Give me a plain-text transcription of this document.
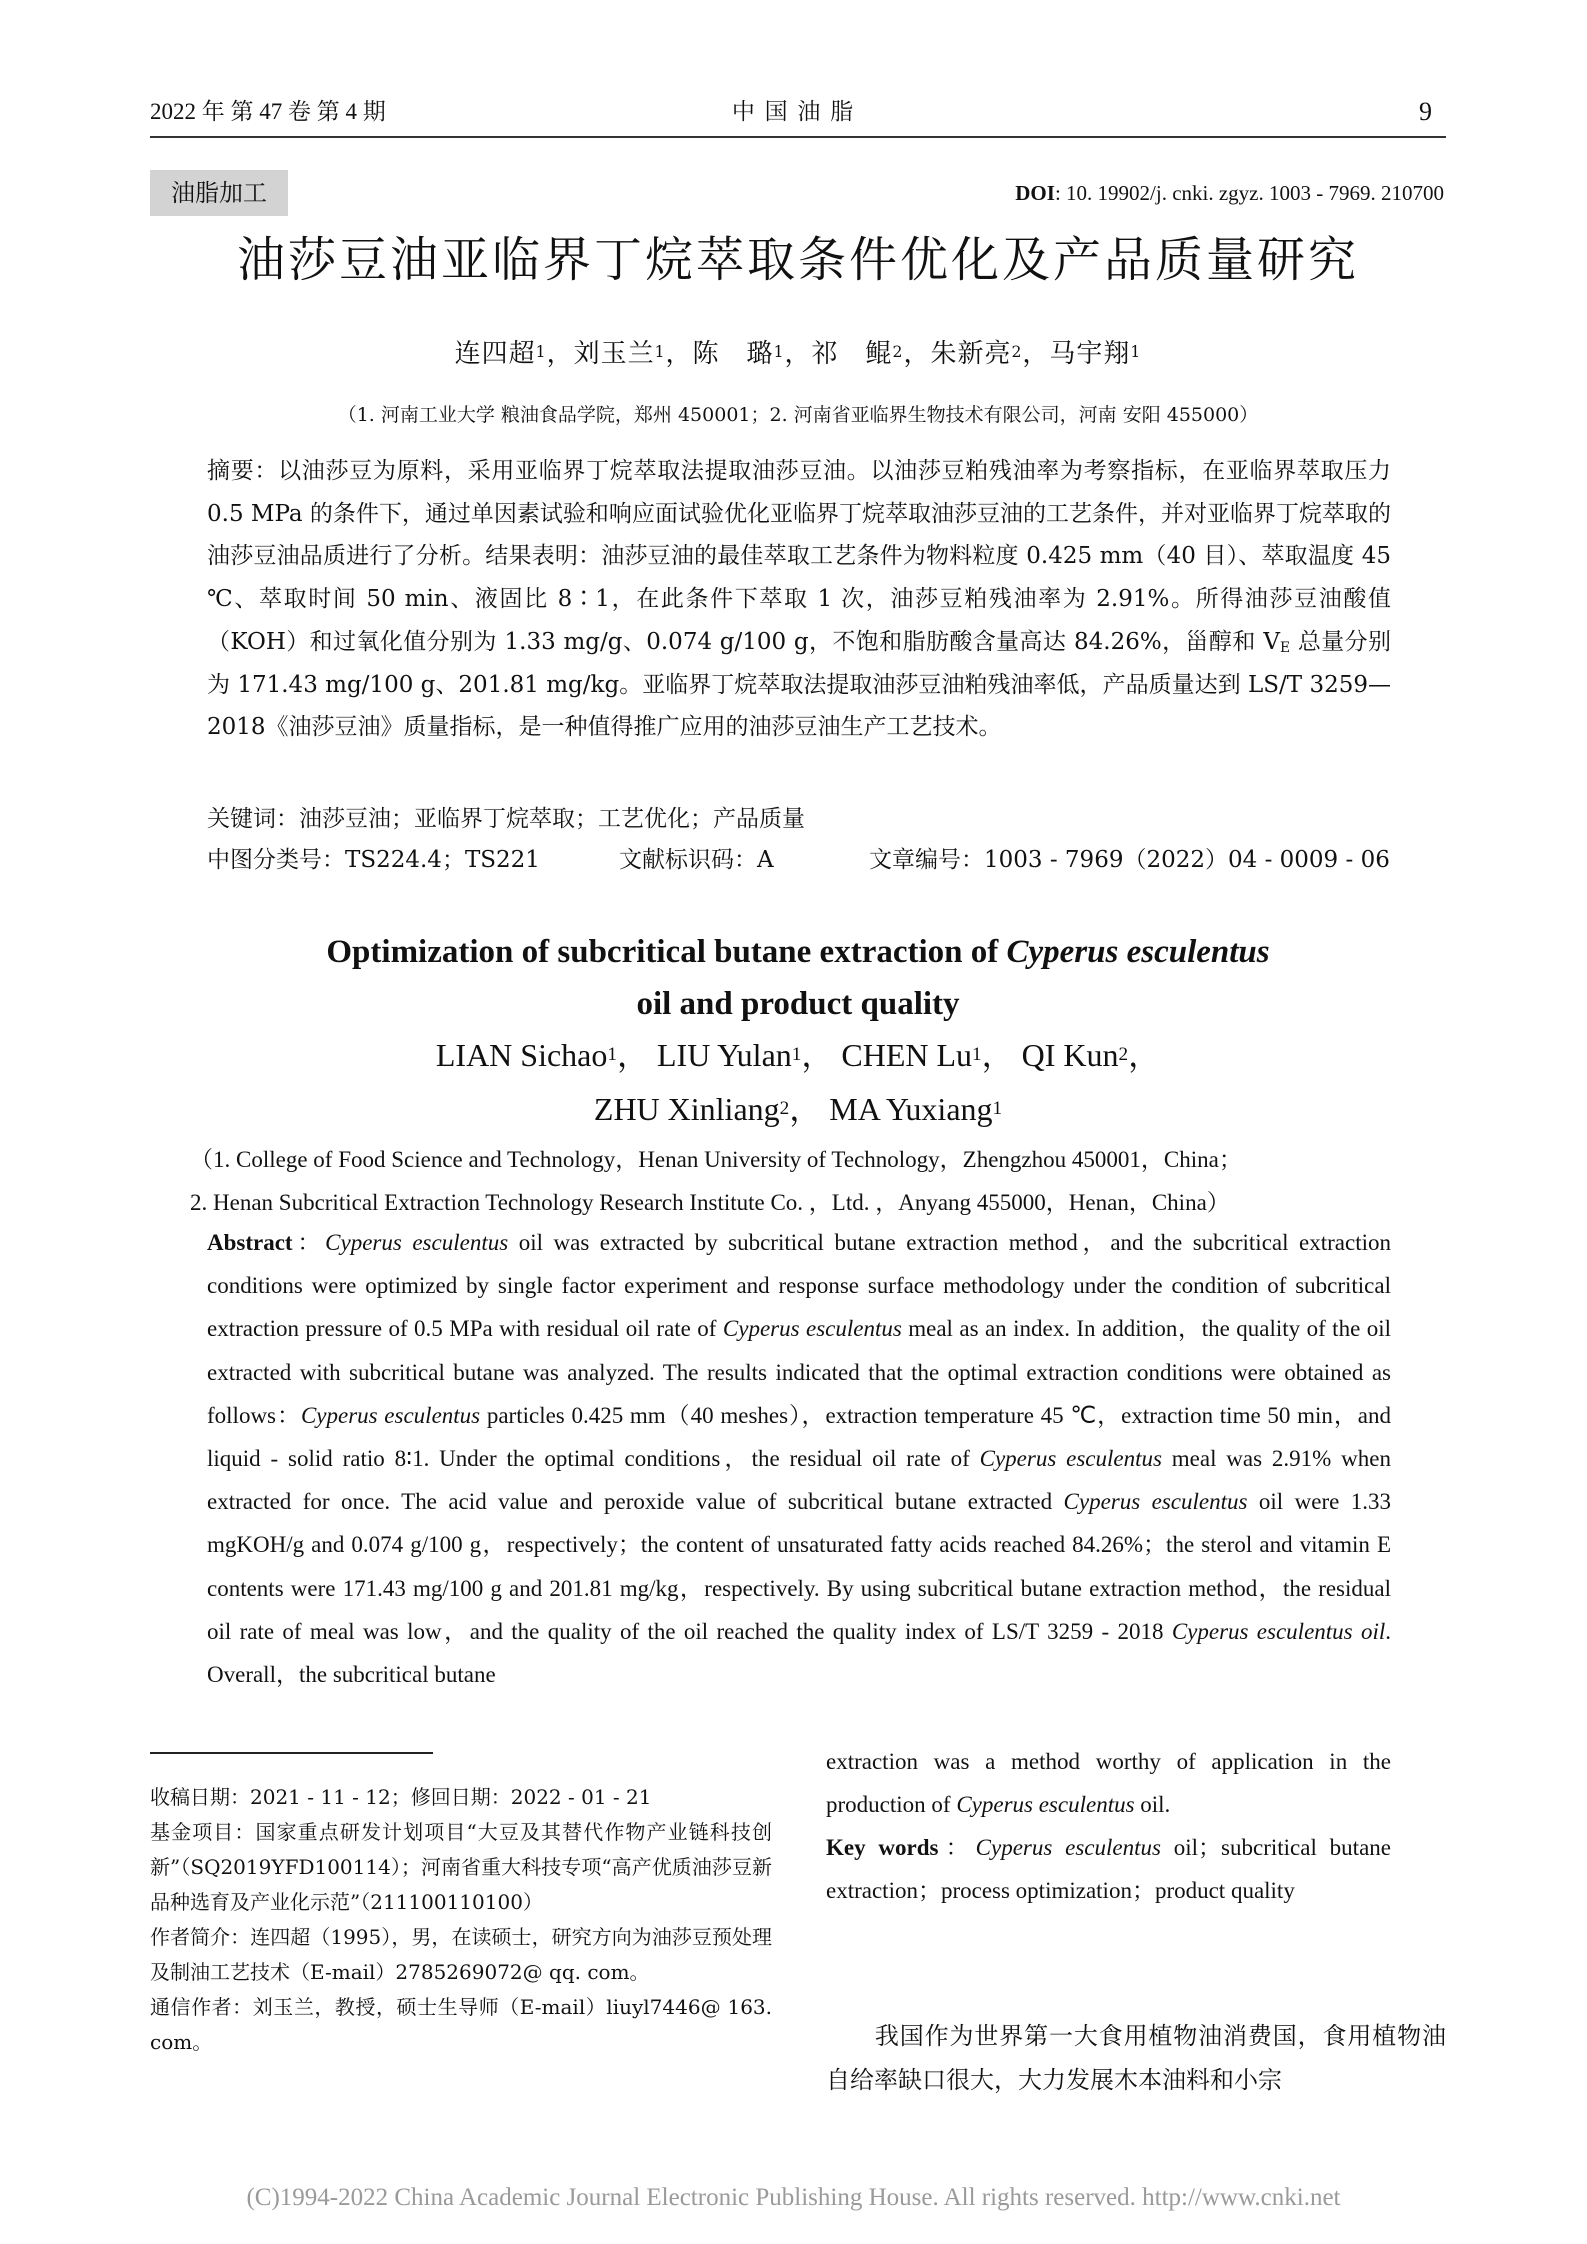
2022 年 第 47 卷 第 4 期	中 国 油 脂	9
油脂加工	DOI: 10. 19902/j. cnki. zgyz. 1003 - 7969. 210700
油莎豆油亚临界丁烷萃取条件优化及产品质量研究
连四超$^1$，刘玉兰$^1$，陈　璐$^1$，祁　鲲$^2$，朱新亮$^2$，马宇翔$^1$
（1. 河南工业大学 粮油食品学院，郑州 450001；2. 河南省亚临界生物技术有限公司，河南 安阳 455000）
摘要：以油莎豆为原料，采用亚临界丁烷萃取法提取油莎豆油。以油莎豆粕残油率为考察指标，在亚临界萃取压力 0.5 MPa 的条件下，通过单因素试验和响应面试验优化亚临界丁烷萃取油莎豆油的工艺条件，并对亚临界丁烷萃取的油莎豆油品质进行了分析。结果表明：油莎豆油的最佳萃取工艺条件为物料粒度 0.425 mm（40 目）、萃取温度 45 ℃、萃取时间 50 min、液固比 8∶1，在此条件下萃取 1 次，油莎豆粕残油率为 2.91%。所得油莎豆油酸值（KOH）和过氧化值分别为 1.33 mg/g、0.074 g/100 g，不饱和脂肪酸含量高达 84.26%，甾醇和 $V_E$ 总量分别为 171.43 mg/100 g、201.81 mg/kg。亚临界丁烷萃取法提取油莎豆油粕残油率低，产品质量达到 LS/T 3259—2018《油莎豆油》质量指标，是一种值得推广应用的油莎豆油生产工艺技术。
关键词：油莎豆油；亚临界丁烷萃取；工艺优化；产品质量
中图分类号：TS224.4；TS221	文献标识码：A	文章编号：1003 - 7969（2022）04 - 0009 - 06
Optimization of subcritical butane extraction of Cyperus esculentus
oil and product quality
LIAN Sichao$^1$， LIU Yulan$^1$， CHEN Lu$^1$， QI Kun$^2$，
ZHU Xinliang$^2$， MA Yuxiang$^1$
（1. College of Food Science and Technology，Henan University of Technology，Zhengzhou 450001，China；
2. Henan Subcritical Extraction Technology Research Institute Co. ，Ltd. ，Anyang 455000，Henan，China）
Abstract：Cyperus esculentus oil was extracted by subcritical butane extraction method，and the subcritical extraction conditions were optimized by single factor experiment and response surface methodology under the condition of subcritical extraction pressure of 0.5 MPa with residual oil rate of Cyperus esculentus meal as an index. In addition，the quality of the oil extracted with subcritical butane was analyzed. The results indicated that the optimal extraction conditions were obtained as follows：Cyperus esculentus particles 0.425 mm（40 meshes），extraction temperature 45 ℃，extraction time 50 min，and liquid - solid ratio 8∶1. Under the optimal conditions，the residual oil rate of Cyperus esculentus meal was 2.91% when extracted for once. The acid value and peroxide value of subcritical butane extracted Cyperus esculentus oil were 1.33 mgKOH/g and 0.074 g/100 g，respectively；the content of unsaturated fatty acids reached 84.26%；the sterol and vitamin E contents were 171.43 mg/100 g and 201.81 mg/kg，respectively. By using subcritical butane extraction method，the residual oil rate of meal was low，and the quality of the oil reached the quality index of LS/T 3259 - 2018 Cyperus esculentus oil. Overall，the subcritical butane
extraction was a method worthy of application in the production of Cyperus esculentus oil.
Key words：Cyperus esculentus oil；subcritical butane extraction；process optimization；product quality
收稿日期：2021 - 11 - 12；修回日期：2022 - 01 - 21
基金项目：国家重点研发计划项目“大豆及其替代作物产业链科技创新”（SQ2019YFD100114）；河南省重大科技专项“高产优质油莎豆新品种选育及产业化示范”（211100110100）
作者简介：连四超（1995），男，在读硕士，研究方向为油莎豆预处理及制油工艺技术（E-mail）2785269072@ qq. com。
通信作者：刘玉兰，教授，硕士生导师（E-mail）liuyl7446@ 163. com。	我国作为世界第一大食用植物油消费国，食用植物油自给率缺口很大，大力发展木本油料和小宗
(C)1994-2022 China Academic Journal Electronic Publishing House. All rights reserved. http://www.cnki.net
